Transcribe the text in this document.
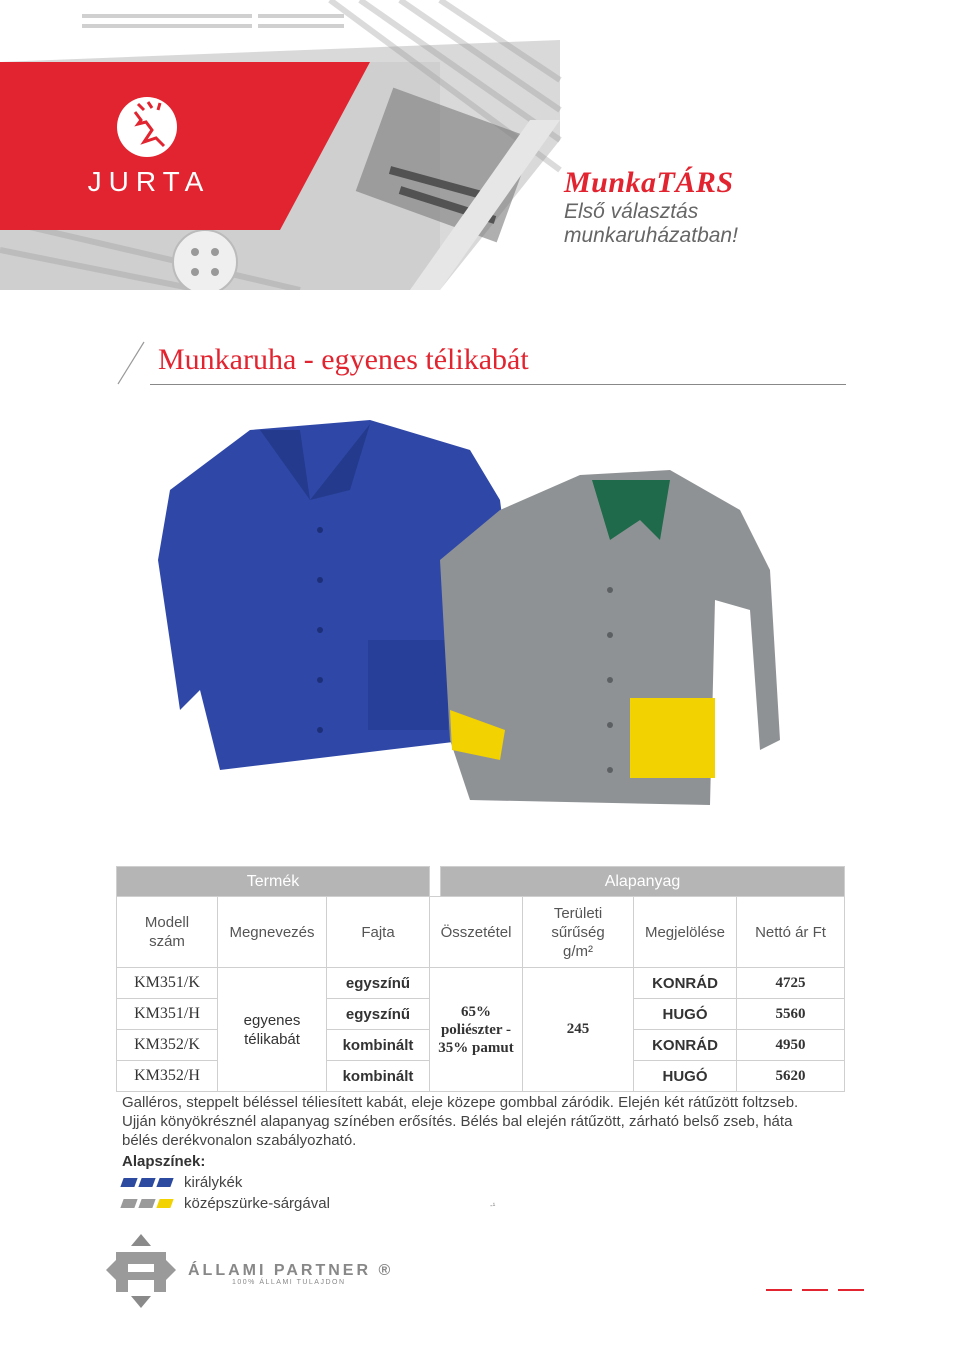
JURTA	MunkaTÁRS
Első választás munkaruházatban!
Munkaruha - egyenes télikabát
Termék				Alapanyag			

Modell szám	Megnevezés	Fajta	Összetétel		Területi sűrűség g/m²	Megjelölése	Nettó ár Ft
KM351/K	egyenes télikabát	egyszínű	65% poliészter - 35% pamut		245	KONRÁD	4725
KM351/H		egyszínű				HUGÓ	5560
KM352/K		kombinált				KONRÁD	4950
KM352/H		kombinált				HUGÓ	5620
Galléros, steppelt béléssel téliesített kabát, eleje közepe gombbal záródik. Elején két rátűzött foltzseb. Ujján könyökrésznél alapanyag színében erősítés. Bélés bal elején rátűzött, zárható belső zseb, háta bélés derékvonalon szabályozható.
Alapszínek:
királykék
középszürke-sárgával	-¹
ÁLLAMI PARTNER ®
100% ÁLLAMI TULAJDON
